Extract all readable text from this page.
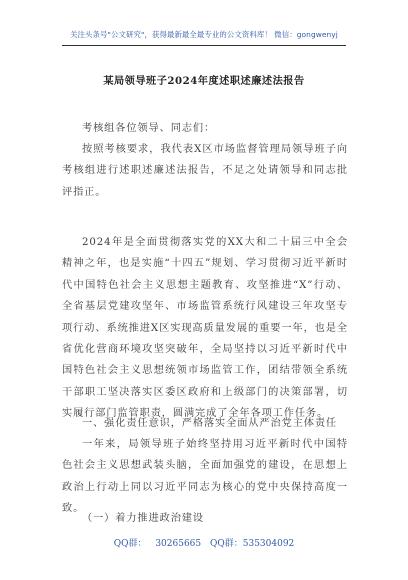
关注头条号"公文研究"，获得最新最全最专业的公文资料库！ 微信：gongwenyj
某局领导班子2024年度述职述廉述法报告
考核组各位领导、同志们：
按照考核要求，我代表X区市场监督管理局领导班子向考核组进行述职述廉述法报告，不足之处请领导和同志批评指正。
2024年是全面贯彻落实党的XX大和二十届三中全会精神之年，也是实施“十四五”规划、学习贯彻习近平新时代中国特色社会主义思想主题教育、攻坚推进“X”行动、全省基层党建攻坚年、市场监管系统行风建设三年攻坚专项行动、系统推进X区实现高质量发展的重要一年，也是全省优化营商环境攻坚突破年，全局坚持以习近平新时代中国特色社会主义思想统领市场监管工作，团结带领全系统干部职工坚决落实区委区政府和上级部门的决策部署，切实履行部门监管职责，圆满完成了全年各项工作任务。
一、强化责任意识，严格落实全面从严治党主体责任
一年来，局领导班子始终坚持用习近平新时代中国特色社会主义思想武装头脑，全面加强党的建设，在思想上政治上行动上同以习近平同志为核心的党中央保持高度一致。
（一）着力推进政治建设
QQ群： 30265665 QQ群：535304092
